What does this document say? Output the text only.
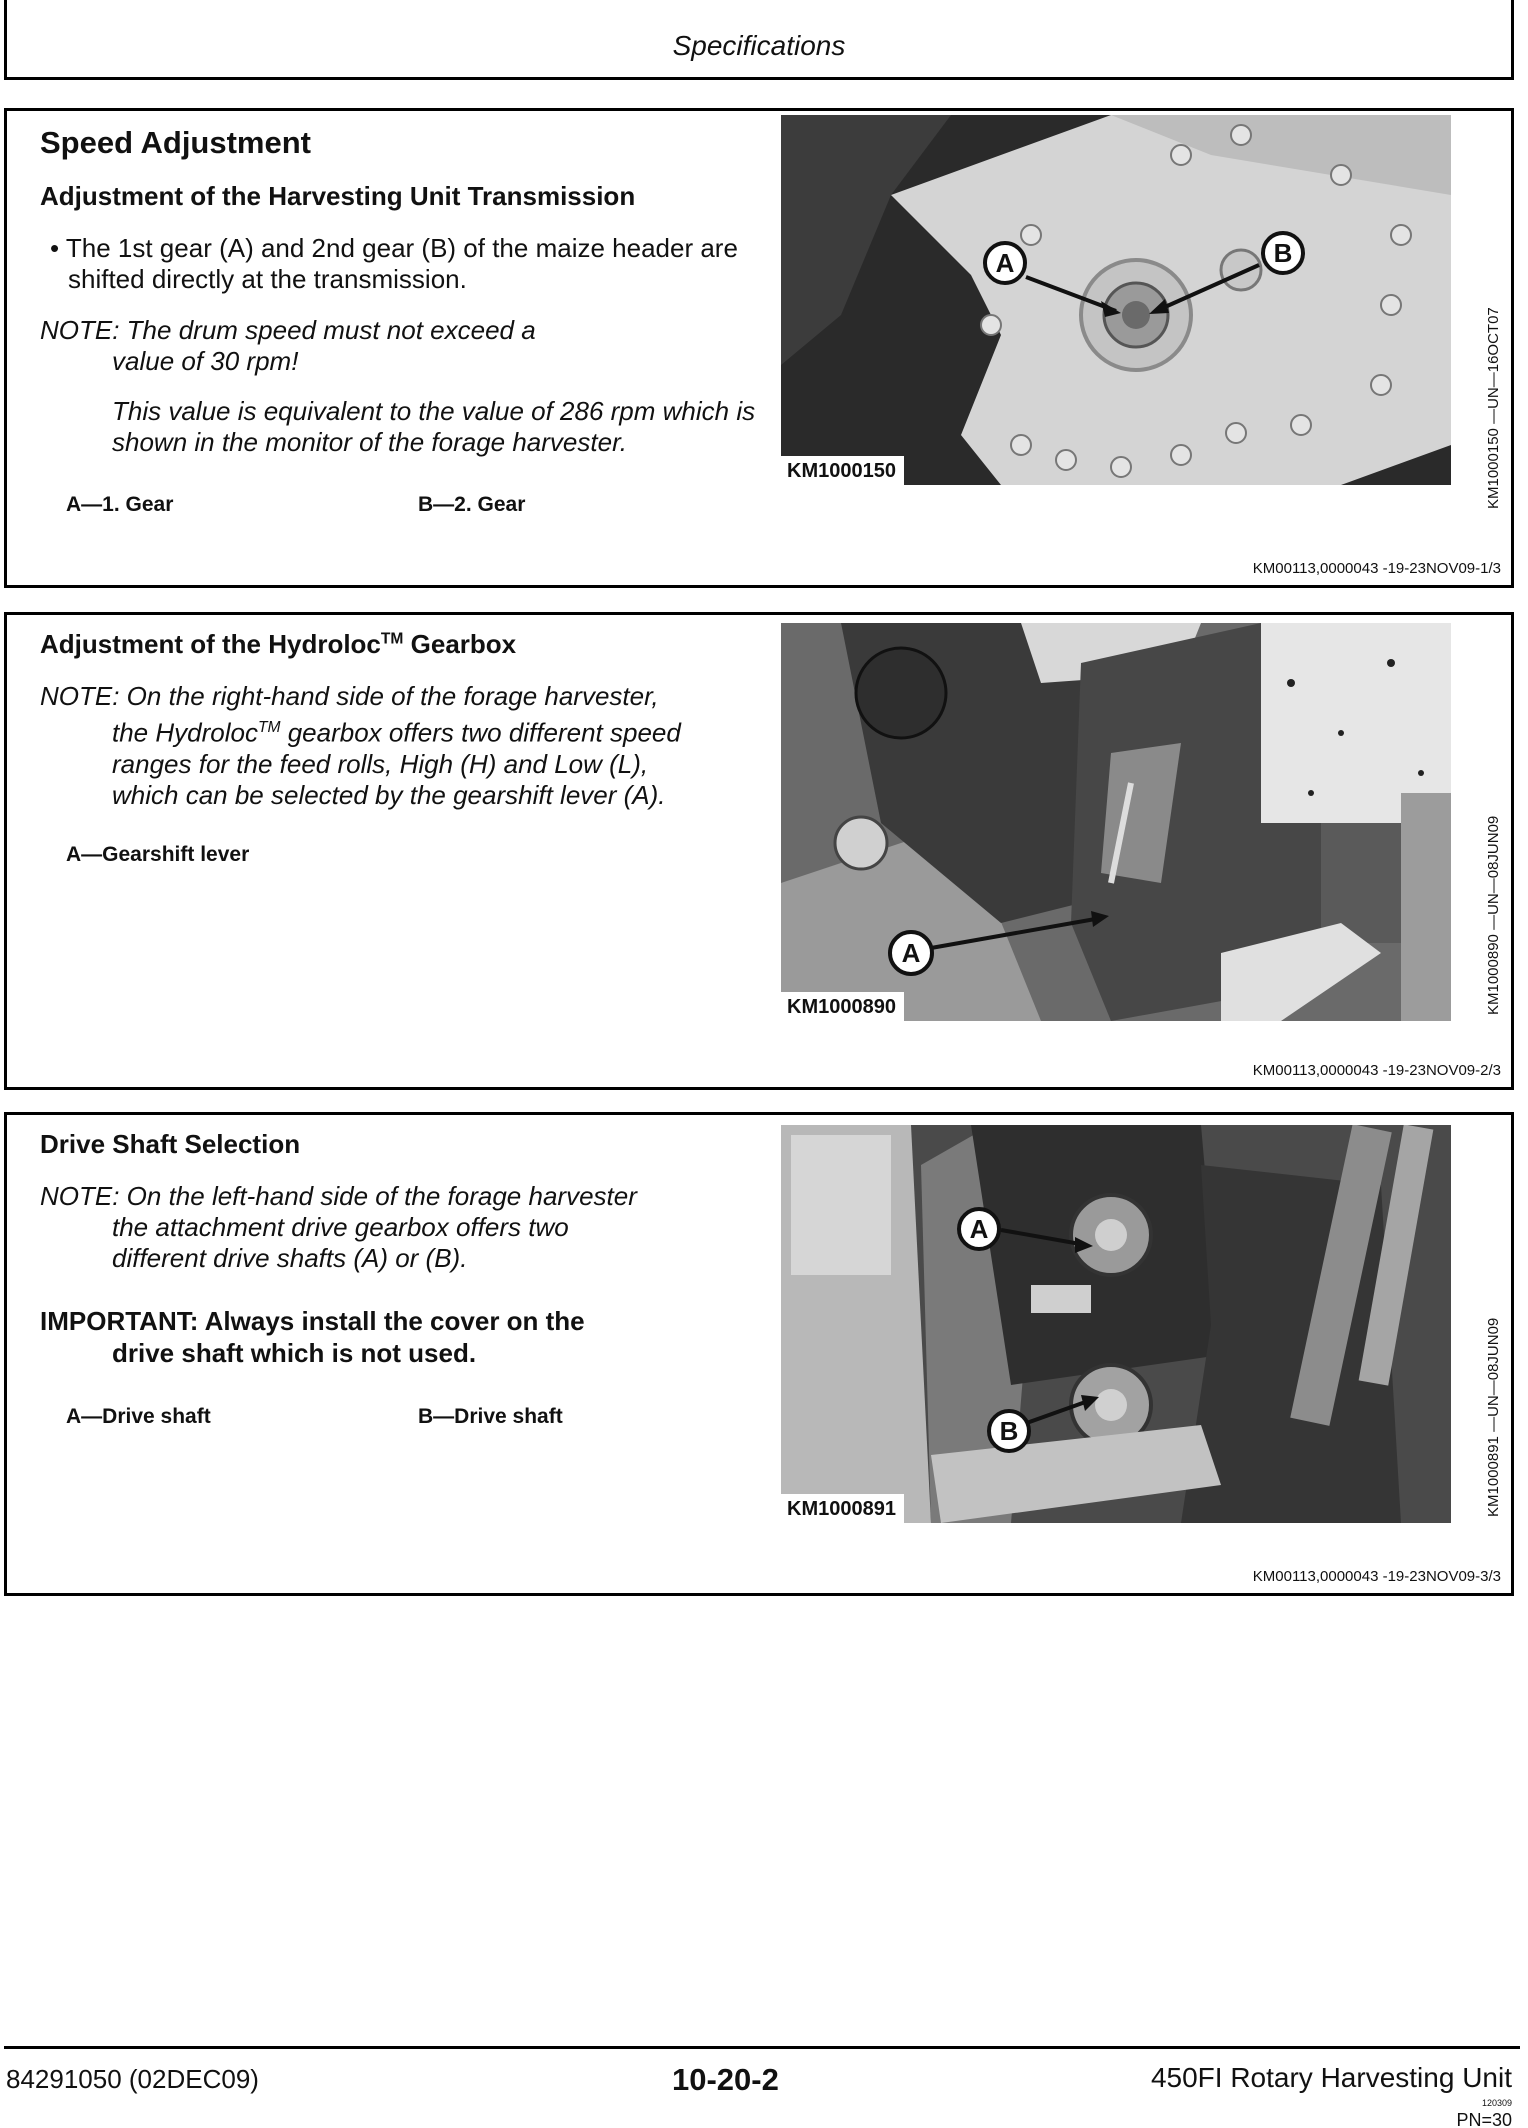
Specifications
Speed Adjustment
Adjustment of the Harvesting Unit Transmission
• The 1st gear (A) and 2nd gear (B) of the maize header are shifted directly at the transmission.
NOTE: The drum speed must not exceed a
value of 30 rpm!
This value is equivalent to the value of 286 rpm which is shown in the monitor of the forage harvester.
A—1. Gear	B—2. Gear
A	B
KM1000150	KM1000150 —UN—16OCT07
KM00113,0000043 -19-23NOV09-1/3
Adjustment of the Hydroloc™ Gearbox
NOTE: On the right-hand side of the forage harvester,
the Hydroloc™ gearbox offers two different speed
ranges for the feed rolls, High (H) and Low (L),
which can be selected by the gearshift lever (A).
A—Gearshift lever
A
KM1000890	KM1000890 —UN—08JUN09
KM00113,0000043 -19-23NOV09-2/3
Drive Shaft Selection
NOTE: On the left-hand side of the forage harvester
the attachment drive gearbox offers two
different drive shafts (A) or (B).
IMPORTANT: Always install the cover on the
drive shaft which is not used.
A—Drive shaft	B—Drive shaft
A
B
KM1000891	KM1000891 —UN—08JUN09
KM00113,0000043 -19-23NOV09-3/3
84291050 (02DEC09)	10-20-2	450FI Rotary Harvesting Unit
120309
PN=30
